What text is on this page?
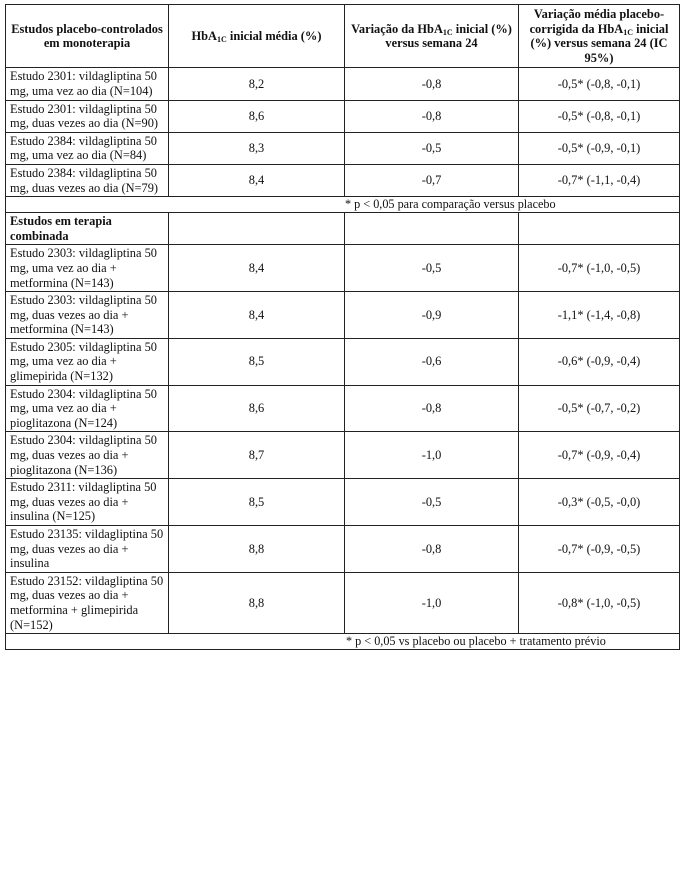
Estudos placebo-controlados em monoterapia	HbA$_{1C}$ inicial média (%)	Variação da HbA$_{1C}$ inicial (%) versus semana 24	Variação média placebo-corrigida da HbA$_{1C}$ inicial (%) versus semana 24 (IC 95%)
Estudo 2301: vildagliptina 50 mg, uma vez ao dia (N=104)	8,2	-0,8	-0,5* (-0,8, -0,1)
Estudo 2301: vildagliptina 50 mg, duas vezes ao dia (N=90)	8,6	-0,8	-0,5* (-0,8, -0,1)
Estudo 2384: vildagliptina 50 mg, uma vez ao dia (N=84)	8,3	-0,5	-0,5* (-0,9, -0,1)
Estudo 2384: vildagliptina 50 mg, duas vezes ao dia (N=79)	8,4	-0,7	-0,7* (-1,1, -0,4)
* p < 0,05 para comparação versus placebo			
Estudos em terapia combinada			
Estudo 2303: vildagliptina 50 mg, uma vez ao dia + metformina (N=143)	8,4	-0,5	-0,7* (-1,0, -0,5)
Estudo 2303: vildagliptina 50 mg, duas vezes ao dia + metformina (N=143)	8,4	-0,9	-1,1* (-1,4, -0,8)
Estudo 2305: vildagliptina 50 mg, uma vez ao dia + glimepirida (N=132)	8,5	-0,6	-0,6* (-0,9, -0,4)
Estudo 2304: vildagliptina 50 mg, uma vez ao dia + pioglitazona (N=124)	8,6	-0,8	-0,5* (-0,7, -0,2)
Estudo 2304: vildagliptina 50 mg, duas vezes ao dia + pioglitazona (N=136)	8,7	-1,0	-0,7* (-0,9, -0,4)
Estudo 2311: vildagliptina 50 mg, duas vezes ao dia + insulina (N=125)	8,5	-0,5	-0,3* (-0,5, -0,0)
Estudo 23135: vildagliptina 50 mg, duas vezes ao dia + insulina	8,8	-0,8	-0,7* (-0,9, -0,5)
Estudo 23152: vildagliptina 50 mg, duas vezes ao dia + metformina + glimepirida (N=152)	8,8	-1,0	-0,8* (-1,0, -0,5)
* p < 0,05 vs placebo ou placebo + tratamento prévio			
